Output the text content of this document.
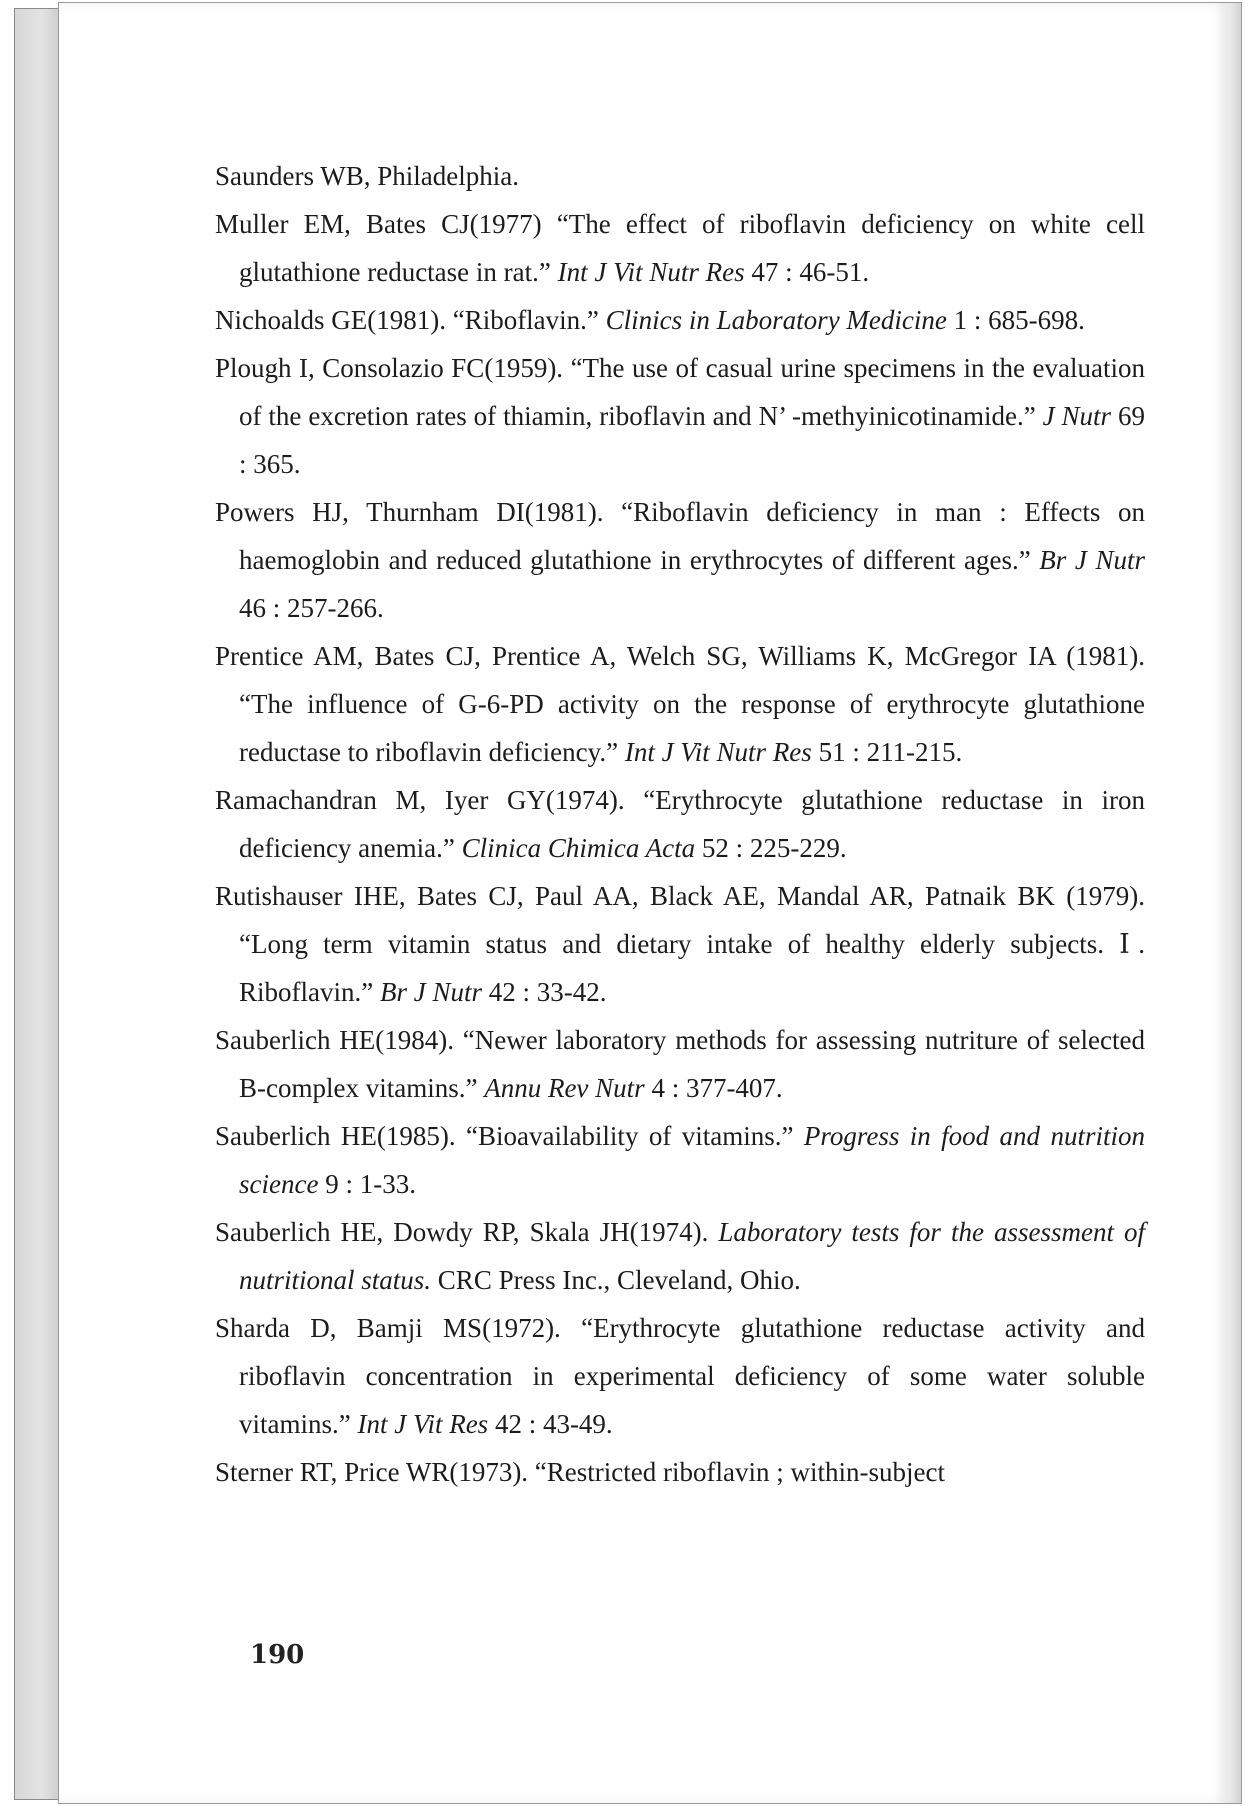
Saunders WB, Philadelphia.

Muller EM, Bates CJ(1977) “The effect of riboflavin deficiency on white cell glutathione reductase in rat.” Int J Vit Nutr Res 47 : 46-51.

Nichoalds GE(1981). “Riboflavin.” Clinics in Laboratory Medicine 1 : 685-698.

Plough I, Consolazio FC(1959). “The use of casual urine specimens in the evaluation of the excretion rates of thiamin, riboflavin and N’ -methyinicotinamide.” J Nutr 69 : 365.

Powers HJ, Thurnham DI(1981). “Riboflavin deficiency in man : Effects on haemoglobin and reduced glutathione in erythrocytes of different ages.” Br J Nutr 46 : 257-266.

Prentice AM, Bates CJ, Prentice A, Welch SG, Williams K, McGregor IA (1981). “The influence of G-6-PD activity on the response of erythrocyte glutathione reductase to riboflavin deficiency.” Int J Vit Nutr Res 51 : 211-215.

Ramachandran M, Iyer GY(1974). “Erythrocyte glutathione reductase in iron deficiency anemia.” Clinica Chimica Acta 52 : 225-229.

Rutishauser IHE, Bates CJ, Paul AA, Black AE, Mandal AR, Patnaik BK (1979). “Long term vitamin status and dietary intake of healthy elderly subjects. Ⅰ. Riboflavin.” Br J Nutr 42 : 33-42.

Sauberlich HE(1984). “Newer laboratory methods for assessing nutriture of selected B-complex vitamins.” Annu Rev Nutr 4 : 377-407.

Sauberlich HE(1985). “Bioavailability of vitamins.” Progress in food and nutrition science 9 : 1-33.

Sauberlich HE, Dowdy RP, Skala JH(1974). Laboratory tests for the assessment of nutritional status. CRC Press Inc., Cleveland, Ohio.

Sharda D, Bamji MS(1972). “Erythrocyte glutathione reductase activity and riboflavin concentration in experimental deficiency of some water soluble vitamins.” Int J Vit Res 42 : 43-49.

Sterner RT, Price WR(1973). “Restricted riboflavin ; within-subject

190
